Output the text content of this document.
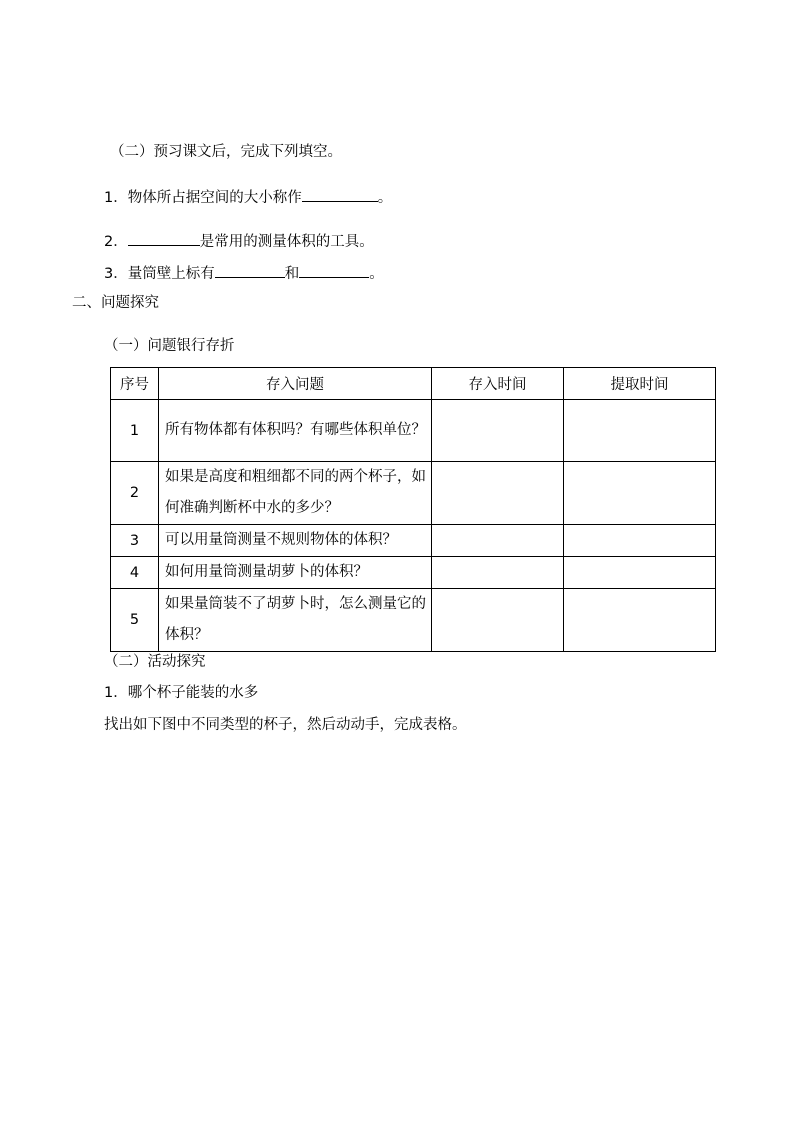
（二）预习课文后，完成下列填空。
1．物体所占据空间的大小称作	。
2．	是常用的测量体积的工具。
3．量筒壁上标有	和	。
二、问题探究
（一）问题银行存折
序号	存入问题	存入时间	提取时间
1	所有物体都有体积吗？有哪些体积单位？		
2	如果是高度和粗细都不同的两个杯子，如何准确判断杯中水的多少？		
3	可以用量筒测量不规则物体的体积？		
4	如何用量筒测量胡萝卜的体积？		
5	如果量筒装不了胡萝卜时，怎么测量它的体积？		
（二）活动探究
1．哪个杯子能装的水多
找出如下图中不同类型的杯子，然后动动手，完成表格。
